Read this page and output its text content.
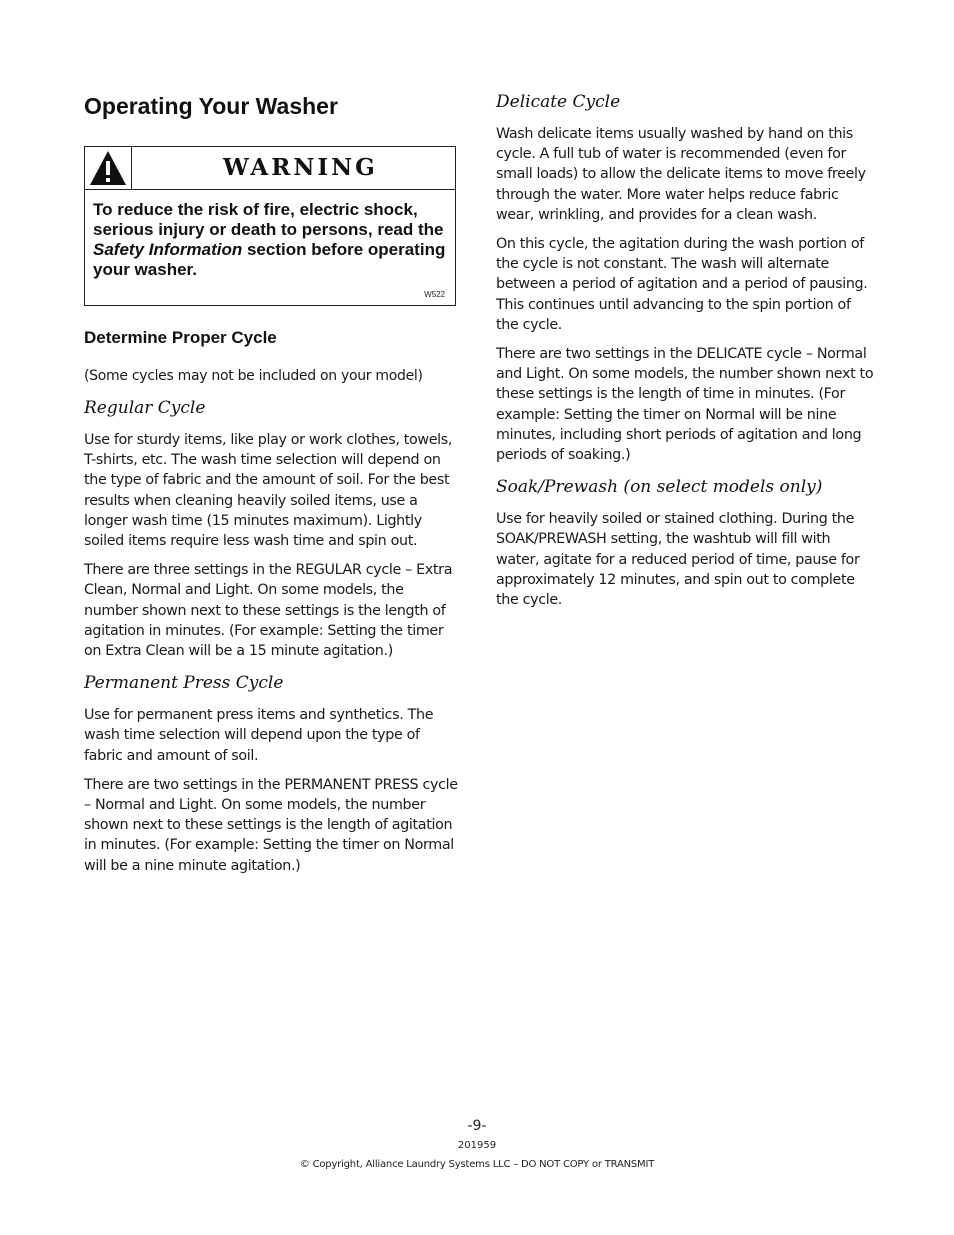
Operating Your Washer
WARNING
To reduce the risk of fire, electric shock, serious injury or death to persons, read the Safety Information section before operating your washer.
W522
Determine Proper Cycle

(Some cycles may not be included on your model)

Regular Cycle

Use for sturdy items, like play or work clothes, towels, T-shirts, etc. The wash time selection will depend on the type of fabric and the amount of soil. For the best results when cleaning heavily soiled items, use a longer wash time (15 minutes maximum). Lightly soiled items require less wash time and spin out.

There are three settings in the REGULAR cycle – Extra Clean, Normal and Light. On some models, the number shown next to these settings is the length of agitation in minutes. (For example: Setting the timer on Extra Clean will be a 15 minute agitation.)

Permanent Press Cycle

Use for permanent press items and synthetics. The wash time selection will depend upon the type of fabric and amount of soil.

There are two settings in the PERMANENT PRESS cycle – Normal and Light. On some models, the number shown next to these settings is the length of agitation in minutes. (For example: Setting the timer on Normal will be a nine minute agitation.)

Delicate Cycle

Wash delicate items usually washed by hand on this cycle. A full tub of water is recommended (even for small loads) to allow the delicate items to move freely through the water. More water helps reduce fabric wear, wrinkling, and provides for a clean wash.

On this cycle, the agitation during the wash portion of the cycle is not constant. The wash will alternate between a period of agitation and a period of pausing. This continues until advancing to the spin portion of the cycle.

There are two settings in the DELICATE cycle – Normal and Light. On some models, the number shown next to these settings is the length of time in minutes. (For example: Setting the timer on Normal will be nine minutes, including short periods of agitation and long periods of soaking.)

Soak/Prewash (on select models only)

Use for heavily soiled or stained clothing. During the SOAK/PREWASH setting, the washtub will fill with water, agitate for a reduced period of time, pause for approximately 12 minutes, and spin out to complete the cycle.

-9-
201959
© Copyright, Alliance Laundry Systems LLC – DO NOT COPY or TRANSMIT
